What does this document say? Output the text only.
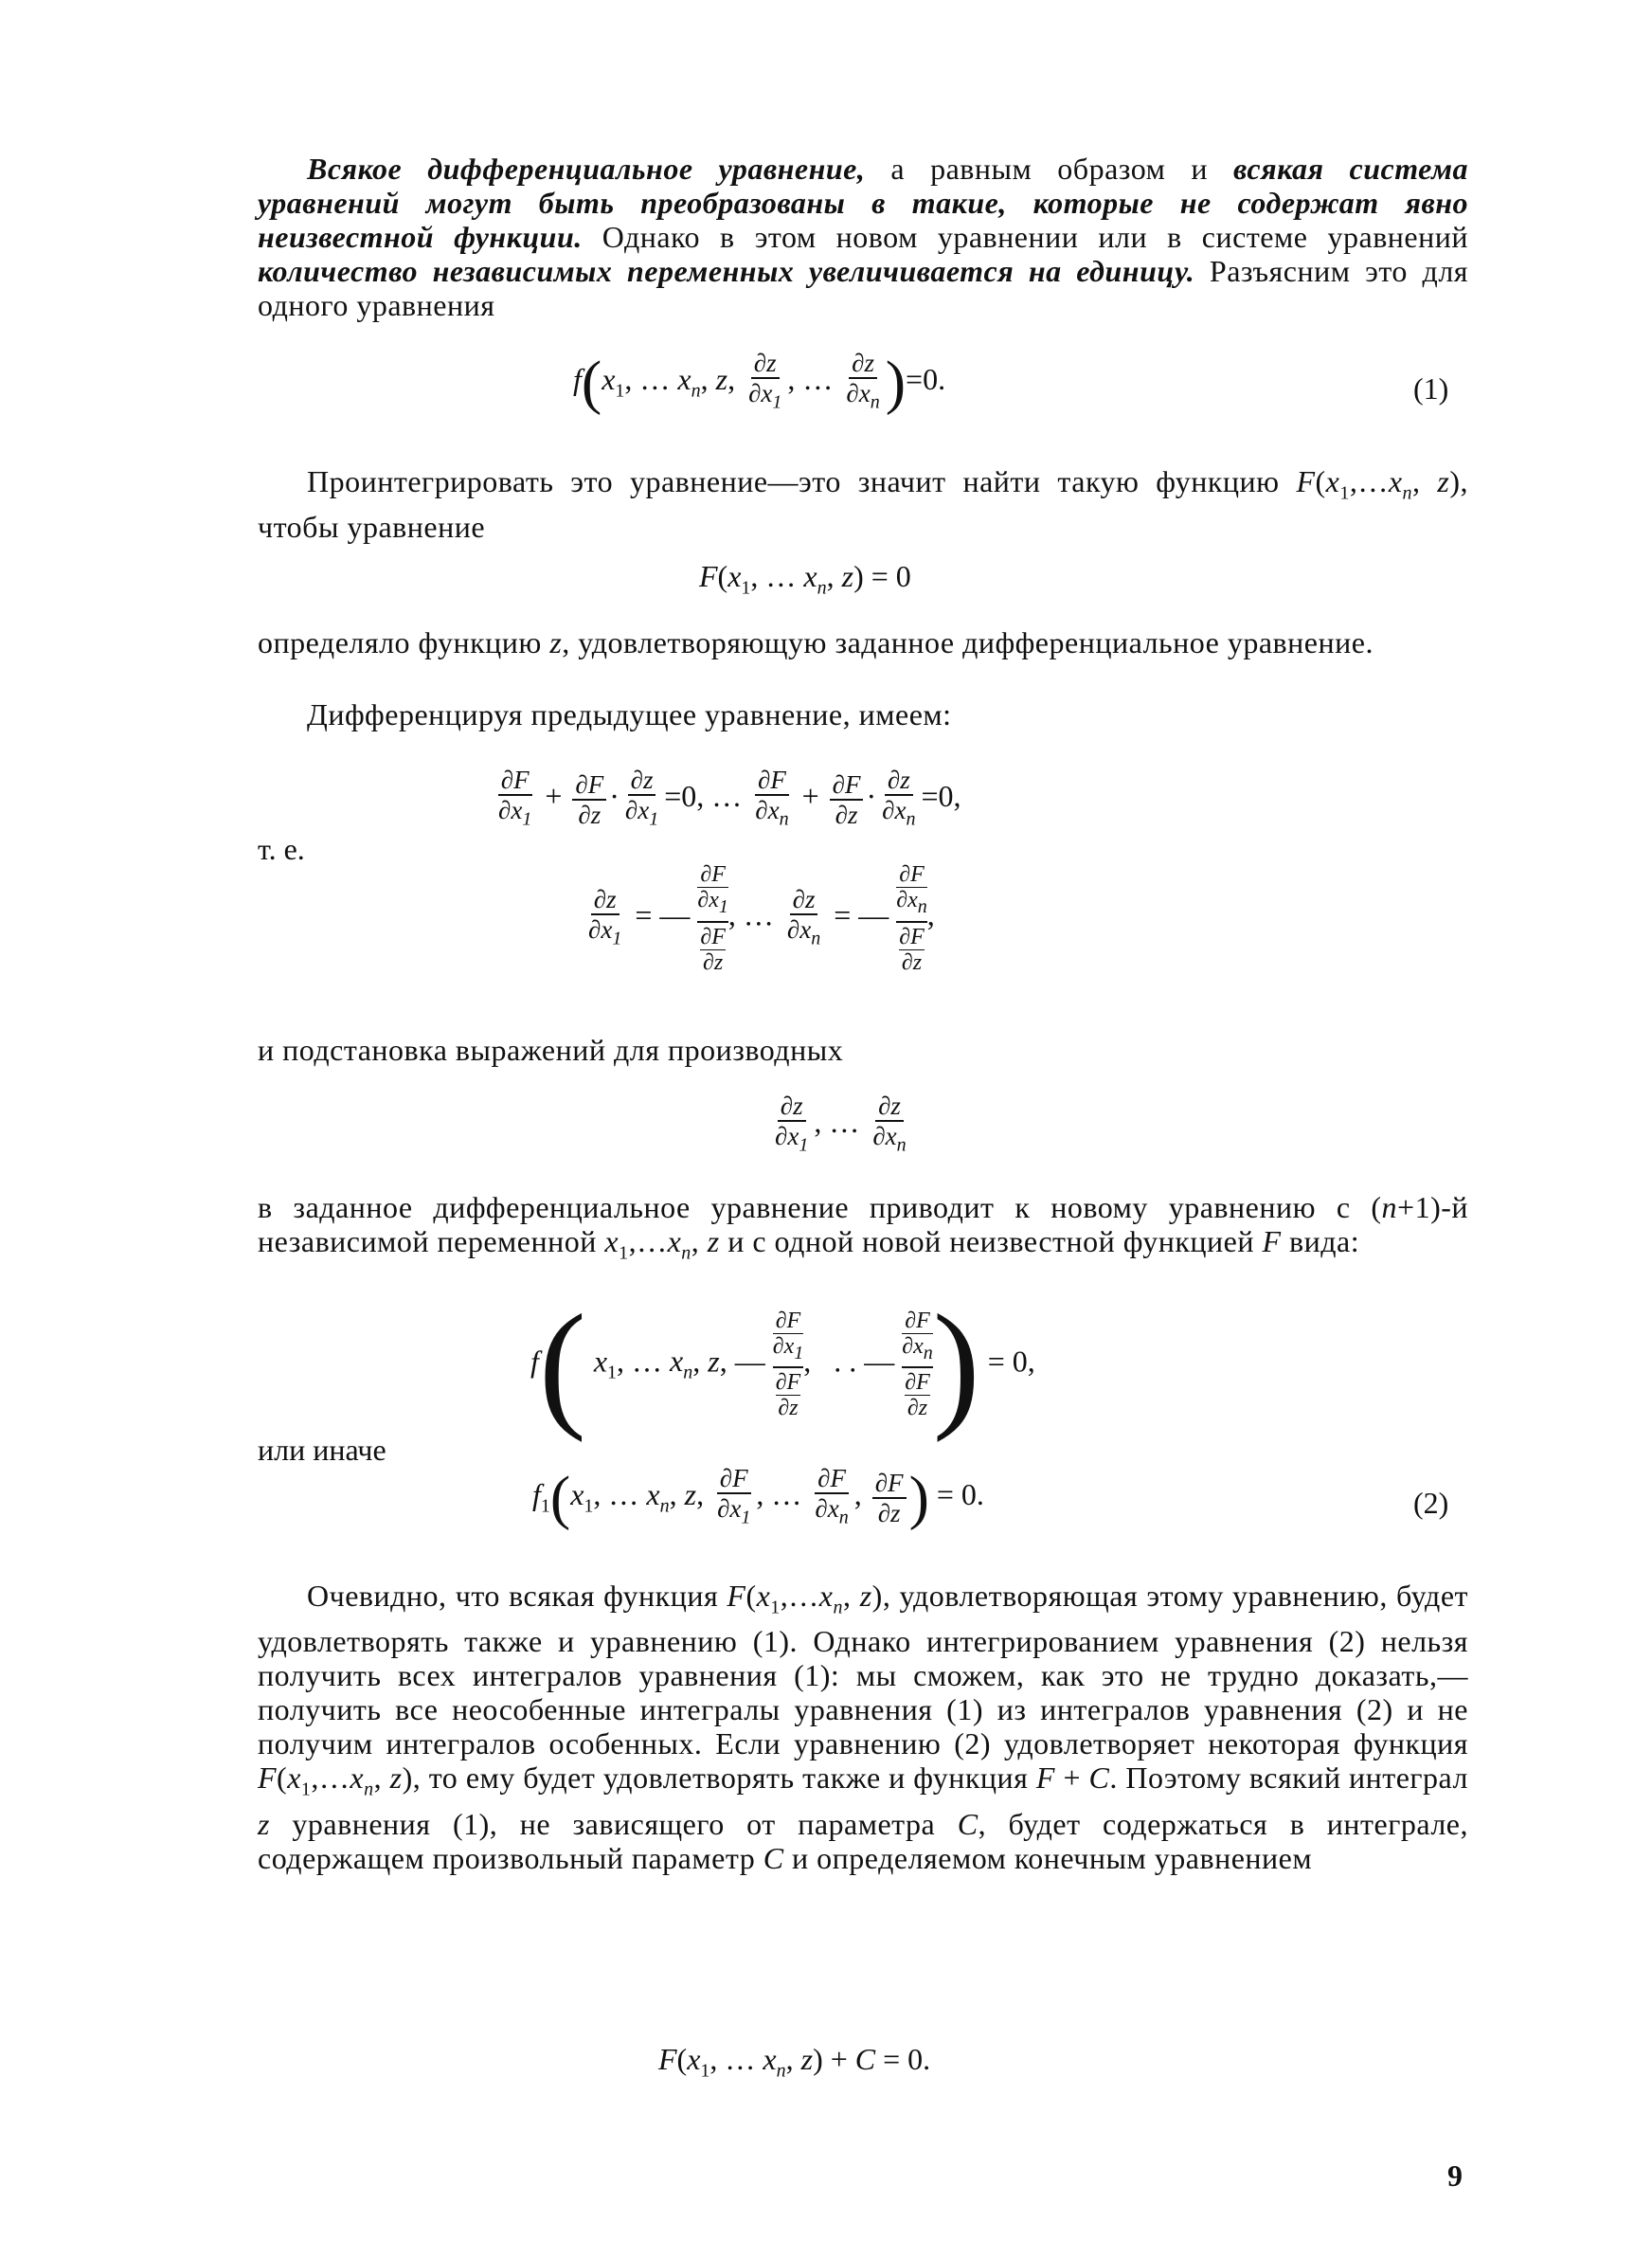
Всякое дифференциальное уравнение, а равным образом и всякая система уравнений могут быть преобразованы в такие, которые не содержат явно неизвестной функции. Однако в этом новом уравнении или в системе уравнений количество независимых переменных увеличивается на единицу. Разъясним это для одного уравнения

$f(x_1$, … $x_n$, z, $\frac{\partial z}{\partial x_1}$ , … $\frac{\partial z}{\partial x_n} )=0$.	(1)

Проинтегрировать это уравнение—это значит найти такую функцию $F(x_1,\dots x_n$, z), чтобы уравнение

$F(x_1$, … $x_n$, z) = 0

определяло функцию z, удовлетворяющую заданное дифференциальное уравнение.

Дифференцируя предыдущее уравнение, имеем:

$\frac{\partial F}{\partial x_1} + \frac{\partial F}{\partial z} \cdot \frac{\partial z}{\partial x_1} =0$, … $\frac{\partial F}{\partial x_n} + \frac{\partial F}{\partial z} \cdot \frac{\partial z}{\partial x_n} =0$,
т. е.
$\frac{\partial z}{\partial x_1}$ = — ∂F
$\partial x_1$
∂F
∂z , … $\frac{\partial z}{\partial x_n}$ = — ∂F
$\partial x_n$
∂F
∂z ,

и подстановка выражений для производных

$\frac{\partial z}{\partial x_1}$ , … $\frac{\partial z}{\partial x_n}$

в заданное дифференциальное уравнение приводит к новому уравнению с (n+1)-й независимой переменной $x_1,\dots x_n$, z и с одной новой неизвестной функцией F вида:

f( $x_1$, … $x_n$, z, — ∂F
$\partial x_1$
∂F
∂z ,   . . — ∂F
$\partial x_n$
∂F
∂z ) = 0,
или иначе
$f_1(x_1$, … $x_n$, z, $\frac{\partial F}{\partial x_1}$ , … $\frac{\partial F}{\partial x_n}$ , $\frac{\partial F}{\partial z}$ ) = 0.	(2)

Очевидно, что всякая функция $F(x_1,\dots x_n$, z), удовлетворяющая этому уравнению, будет удовлетворять также и уравнению (1). Однако интегрированием уравнения (2) нельзя получить всех интегралов уравнения (1): мы сможем, как это не трудно доказать,—получить все неособенные интегралы уравнения (1) из интегралов уравнения (2) и не получим интегралов особенных. Если уравнению (2) удовлетворяет некоторая функция $F(x_1,\dots x_n$, z), то ему будет удовлетворять также и функция F + C. Поэтому всякий интеграл z уравнения (1), не зависящего от параметра C, будет содержаться в интеграле, содержащем произвольный параметр C и определяемом конечным уравнением

$F(x_1$, … $x_n$, z) + C = 0.
9
